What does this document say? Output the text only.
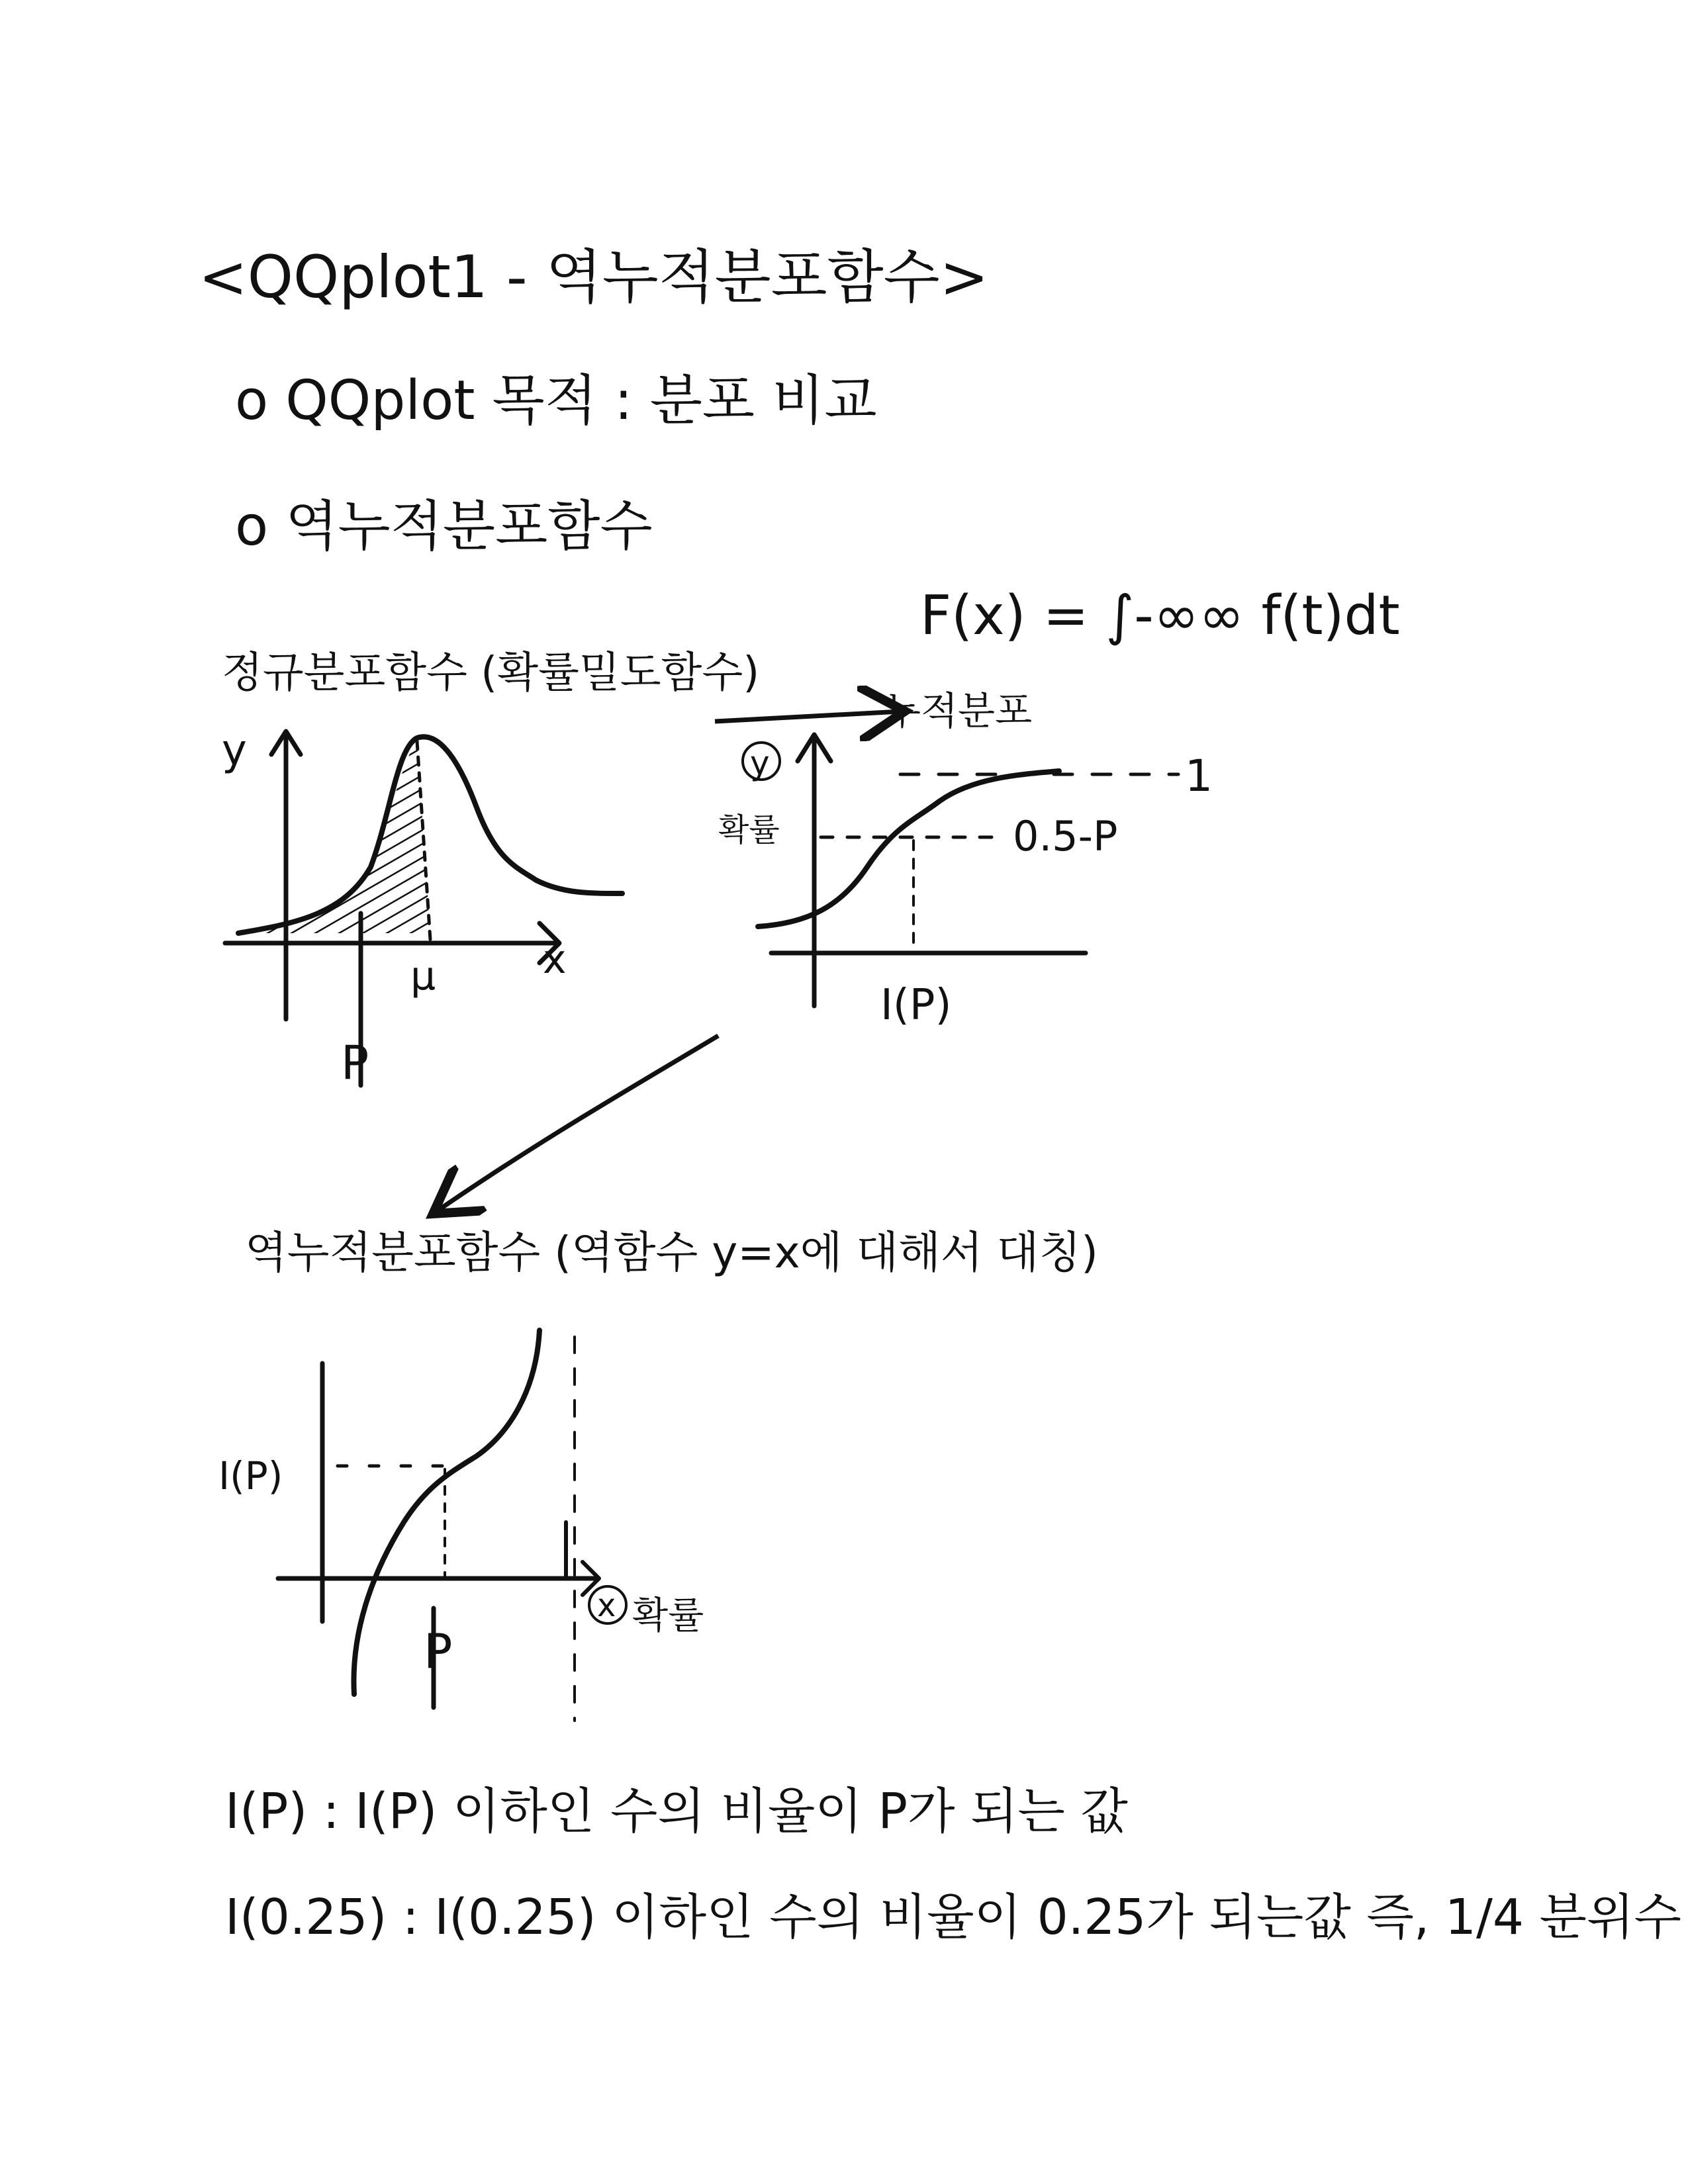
<QQplot1 - 역누적분포함수>
o QQplot 목적 : 분포 비교
o 역누적분포함수
F(x) = ∫-∞∞ f(t)dt
정규분포함수 (확률밀도함수)
누적분포
역누적분포함수 (역함수 y=x에 대해서 대칭)
I(P) : I(P) 이하인 수의 비율이 P가 되는 값
I(0.25) : I(0.25) 이하인 수의 비율이 0.25가 되는값 즉, 1/4 분위수
y
x
μ
P
y
확률
1
0.5-P
I(P)
I(P)
x 확률
P
